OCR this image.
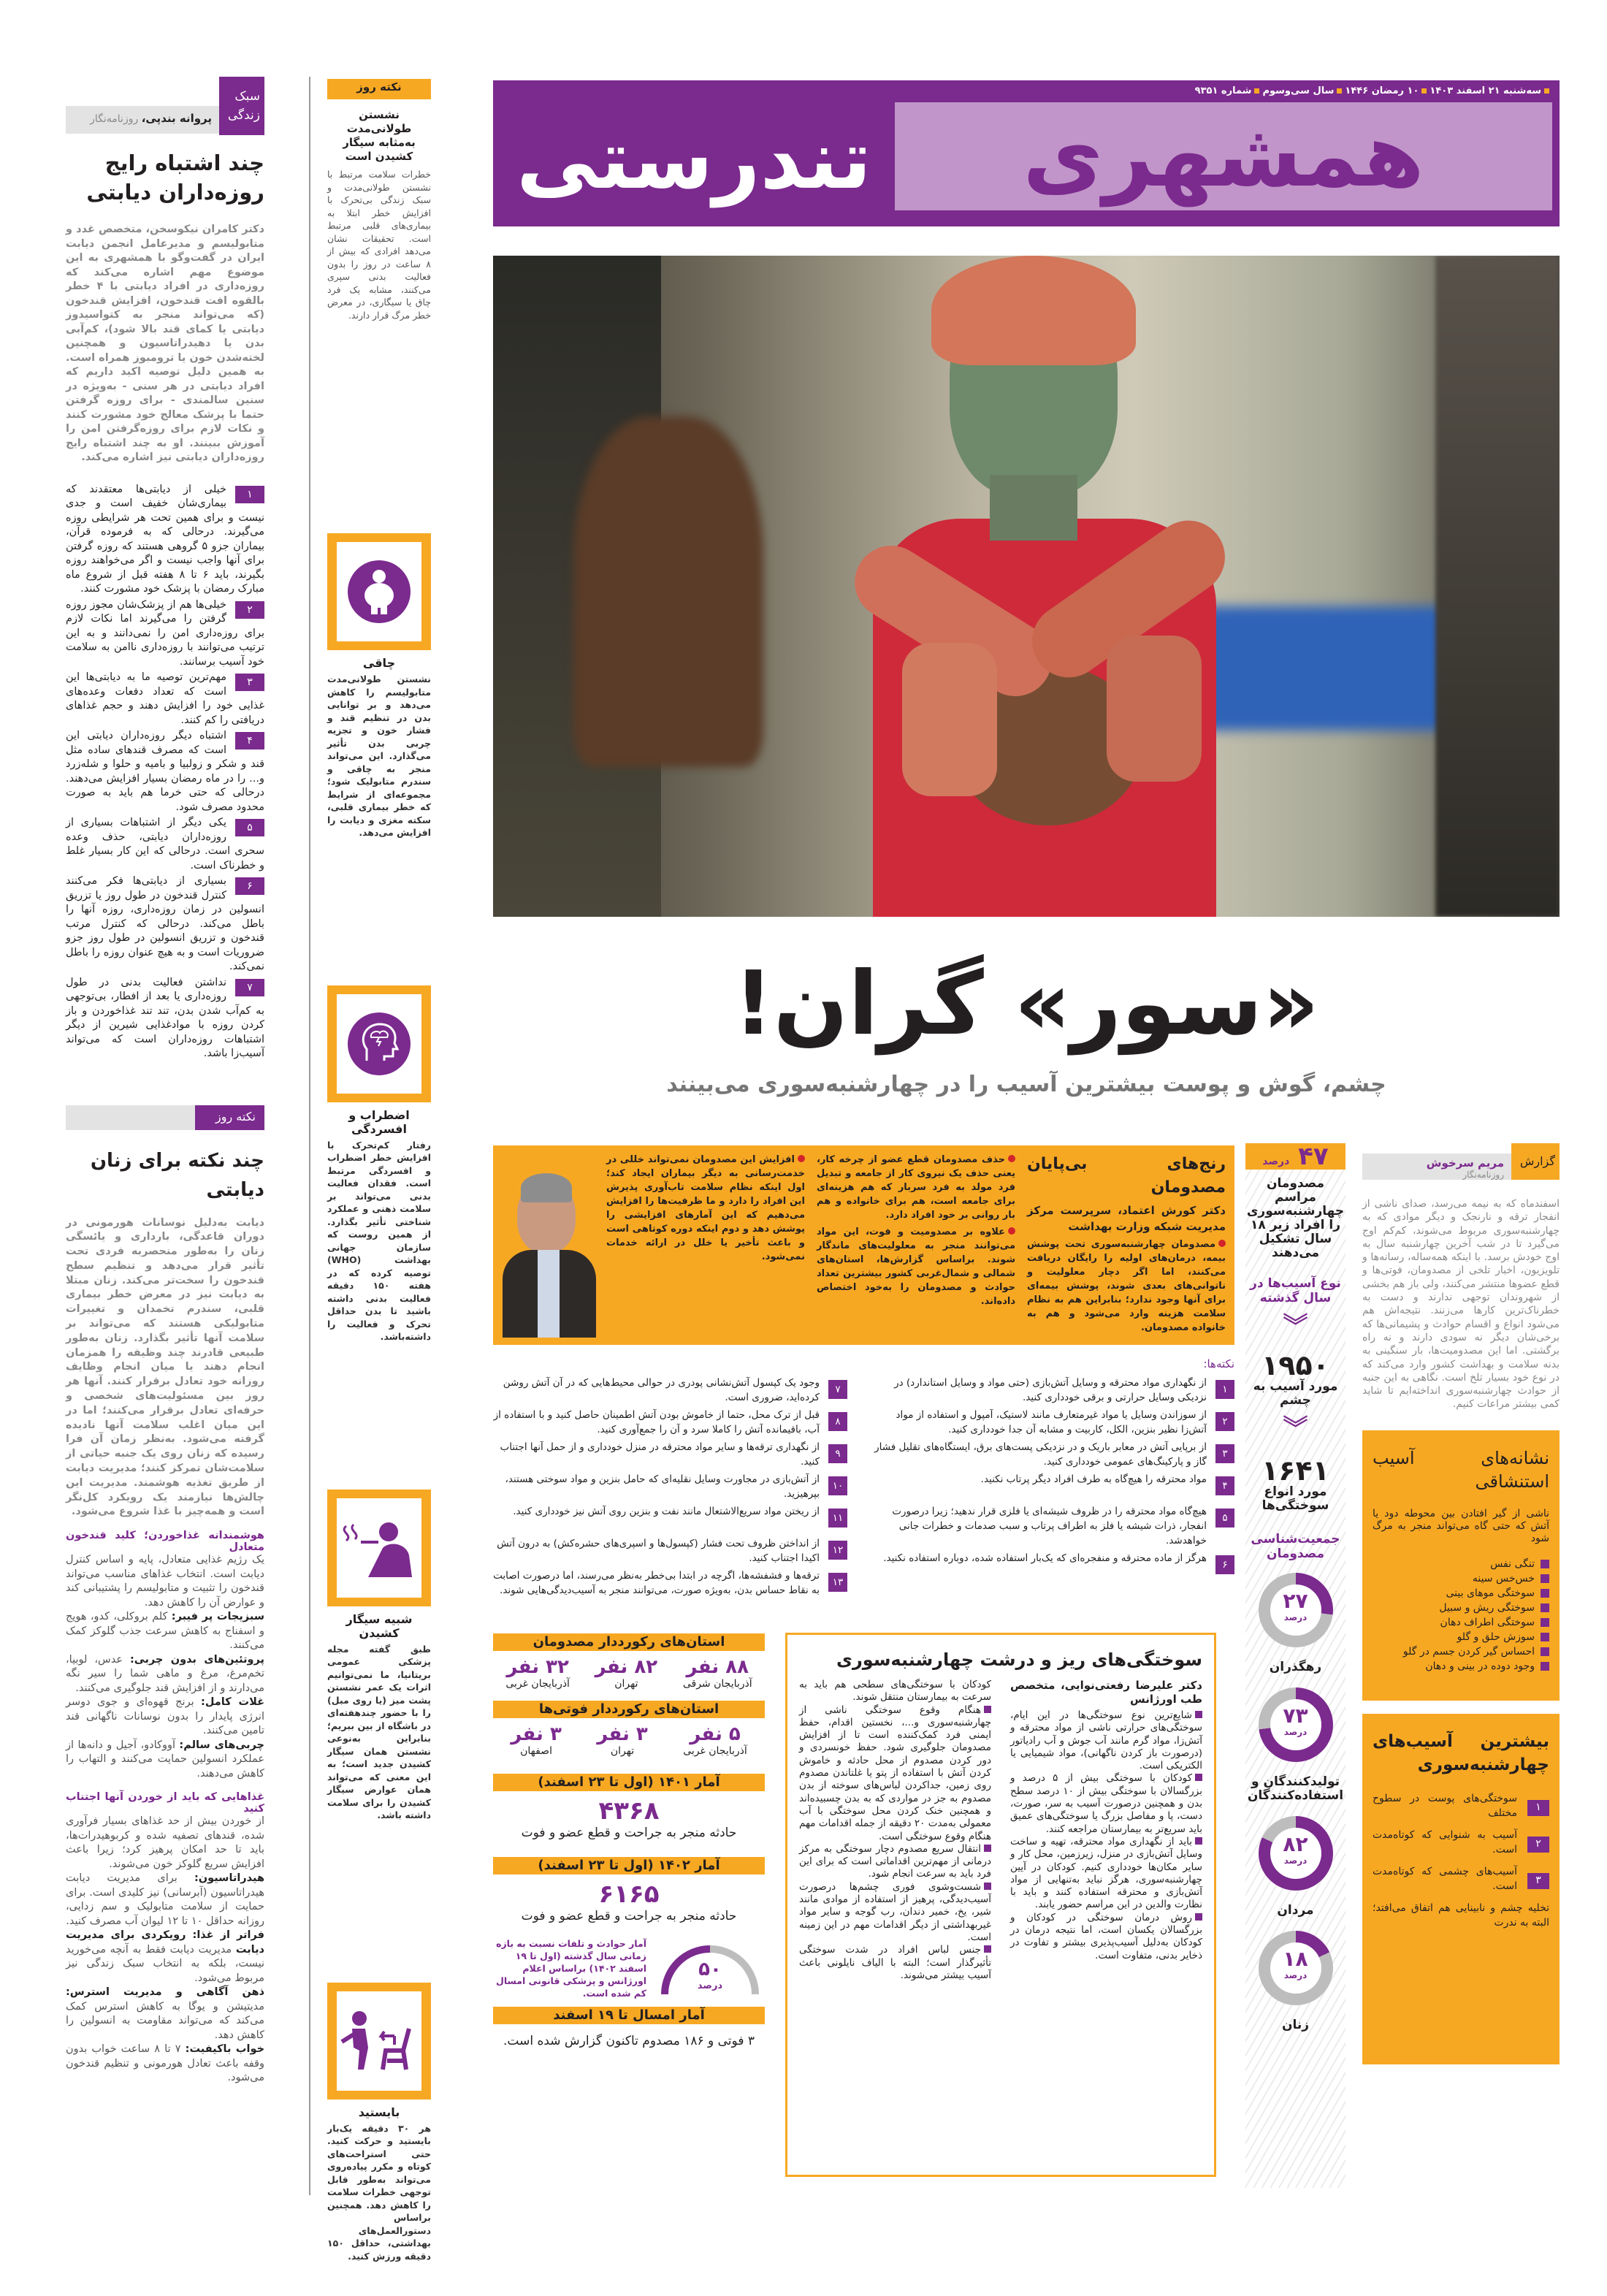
سبک زندگی
پروانه بندپی، روزنامه‌نگار
چند اشتباه رایج روزه‌داران دیابتی

دکتر کامران نیکوسخن، متخصص غدد و متابولیسم و مدیرعامل انجمن دیابت ایران در گفت‌وگو با همشهری به این موضوع مهم اشاره می‌کند که روزه‌داری در افراد دیابتی با ۴ خطر بالقوه افت قندخون، افزایش قندخون (که می‌تواند منجر به کتواسیدوز دیابتی یا کمای قند بالا شود)، کم‌آبی بدن یا دهیدراتاسیون و همچنین لخته‌شدن خون یا ترومبوز همراه است. به همین دلیل توصیه اکید داریم که افراد دیابتی در هر سنی - به‌ویژه در سنین سالمندی - برای روزه گرفتن حتما با پزشک معالج خود مشورت کنند و نکات لازم برای روزه‌گرفتن امن را آموزش ببینند. او به چند اشتباه رایج روزه‌داران دیابتی نیز اشاره می‌کند.

۱
خیلی از دیابتی‌ها معتقدند که بیماری‌شان خفیف است و جدی نیست و برای همین تحت هر شرایطی روزه می‌گیرند. درحالی که به فرموده قرآن، بیماران جزو ۵ گروهی هستند که روزه گرفتن برای آنها واجب نیست و اگر می‌خواهند روزه بگیرند، باید ۶ تا ۸ هفته قبل از شروع ماه مبارک رمضان با پزشک خود مشورت کنند.
۲
خیلی‌ها هم از پزشک‌شان مجوز روزه گرفتن را می‌گیرند اما نکات لازم برای روزه‌داری امن را نمی‌دانند و به این ترتیب می‌توانند با روزه‌داری ناامن به سلامت خود آسیب برسانند.
۳
مهم‌ترین توصیه ما به دیابتی‌ها این است که تعداد دفعات وعده‌های غذایی خود را افزایش دهند و حجم غذاهای دریافتی را کم کنند.
۴
اشتباه دیگر روزه‌داران دیابتی این است که مصرف قندهای ساده مثل قند و شکر و زولبیا و بامیه و حلوا و شله‌زرد و... را در ماه رمضان بسیار افزایش می‌دهند. درحالی که حتی خرما هم باید به صورت محدود مصرف شود.
۵
یکی دیگر از اشتباهات بسیاری از روزه‌داران دیابتی، حذف وعده سحری است. درحالی که این کار بسیار غلط و خطرناک است.
۶
بسیاری از دیابتی‌ها فکر می‌کنند کنترل قندخون در طول روز یا تزریق انسولین در زمان روزه‌داری، روزه آنها را باطل می‌کند. درحالی که کنترل مرتب قندخون و تزریق انسولین در طول روز جزو ضروریات است و به هیچ عنوان روزه را باطل نمی‌کند.
۷
نداشتن فعالیت بدنی در طول روزه‌داری یا بعد از افطار، بی‌توجهی به کم‌آب شدن بدن، تند تند غذاخوردن و باز کردن روزه با موادغذایی شیرین از دیگر اشتباهات روزه‌داران است که می‌تواند آسیب‌زا باشد.
نکته روز
چند نکته برای زنان دیابتی

دیابت به‌دلیل نوسانات هورمونی در دوران قاعدگی، بارداری و یائسگی زنان را به‌طور منحصربه فردی تحت تأثیر قرار می‌دهد و تنظیم سطح قندخون را سخت‌تر می‌کند. زنان مبتلا به دیابت نیز در معرض خطر بیماری قلبی، سندرم تخمدان و تغییرات متابولیکی هستند که می‌تواند بر سلامت آنها تأثیر بگذارد. زنان به‌طور طبیعی قادرند چند وظیفه را همزمان انجام دهند یا میان انجام وظایف روزانه خود تعادل برقرار کنند. آنها هر روز بین مسئولیت‌های شخصی و حرفه‌ای تعادل برقرار می‌کنند؛ اما در این میان اغلب سلامت آنها نادیده گرفته می‌شود. به‌نظر زمان آن فرا رسیده که زنان روی یک جنبه حیاتی از سلامت‌شان تمرکز کنند؛ مدیریت دیابت از طریق تغذیه هوشمند. مدیریت این چالش‌ها نیازمند یک رویکرد کل‌نگر است و همه‌چیز با غذا شروع می‌شود.

هوشمندانه غذاخوردن؛ کلید قندخون متعادل

یک رژیم غذایی متعادل، پایه و اساس کنترل دیابت است. انتخاب غذاهای مناسب می‌تواند قندخون را تثبیت و متابولیسم را پشتیبانی کند و عوارض آن را کاهش دهد.

سبزیجات پر فیبر: کلم بروکلی، کدو، هویج و اسفناج به کاهش سرعت جذب گلوکز کمک می‌کنند.

پروتئین‌های بدون چربی: عدس، لوبیا، تخم‌مرغ، مرغ و ماهی شما را سیر نگه می‌دارند و از افزایش قند جلوگیری می‌کنند.

غلات کامل: برنج قهوه‌ای و جوی دوسر انرژی پایدار را بدون نوسانات ناگهانی قند تامین می‌کنند.

چربی‌های سالم: آووکادو، آجیل و دانه‌ها از عملکرد انسولین حمایت می‌کنند و التهاب را کاهش می‌دهند.

غذاهایی که باید از خوردن آنها اجتناب کنید

از خوردن بیش از حد غذاهای بسیار فرآوری شده، قندهای تصفیه شده و کربوهیدرات‌ها، باید تا حد امکان پرهیز کرد؛ زیرا باعث افزایش سریع گلوکز خون می‌شوند.

هیدراتاسیون: برای مدیریت دیابت هیدراتاسیون (آبرسانی) نیز کلیدی است. برای حمایت از سلامت متابولیک و سم زدایی، روزانه حداقل ۱۰ تا ۱۲ لیوان آب مصرف کنید.

فراتر از غذا: رویکردی برای مدیریت دیابت مدیریت دیابت فقط به آنچه می‌خورید نیست، بلکه به انتخاب سبک زندگی نیز مربوط می‌شود.

ذهن آگاهی و مدیریت استرس: مدیتیشن و یوگا به کاهش استرس کمک می‌کند که می‌تواند مقاومت به انسولین را کاهش دهد.

خواب باکیفیت: ۷ تا ۸ ساعت خواب بدون وقفه باعث تعادل هورمونی و تنظیم قندخون می‌شود.

نکته روز
نشستن طولانی‌مدت به‌مثابه سیگار کشیدن است

خطرات سلامت مرتبط با نشستن طولانی‌مدت و سبک زندگی بی‌تحرک با افزایش خطر ابتلا به بیماری‌های قلبی مرتبط است. تحقیقات نشان می‌دهد افرادی که بیش از ۸ ساعت در روز را بدون فعالیت بدنی سپری می‌کنند، مشابه یک فرد چاق یا سیگاری، در معرض خطر مرگ قرار دارند.

چاقی

نشستن طولانی‌مدت متابولیسم را کاهش می‌دهد و بر توانایی بدن در تنظیم قند و فشار خون و تجزیه چربی بدن تأثیر می‌گذارد. این می‌تواند منجر به چاقی و سندرم متابولیک شود؛ مجموعه‌ای از شرایط که خطر بیماری قلبی، سکته مغزی و دیابت را افزایش می‌دهد.

اضطراب و افسردگی

رفتار کم‌تحرک با افزایش خطر اضطراب و افسردگی مرتبط است. فقدان فعالیت بدنی می‌تواند بر سلامت ذهنی و عملکرد شناختی تأثیر بگذارد. از همین روست که سازمان جهانی بهداشت (WHO) توصیه کرده که در هفته ۱۵۰ دقیقه فعالیت بدنی داشته باشید تا بدن حداقل تحرک و فعالیت را داشته‌باشد.

شبیه سیگار کشیدن

طبق گفته مجله پزشکی عمومی بریتانیا، ما نمی‌توانیم اثرات یک عمر نشستن پشت میز (یا روی مبل) را با حضور چندهفته‌ای در باشگاه از بین ببریم؛ بنابراین به‌نوعی نشستن همان سیگار کشیدن جدید است؛ به این معنی که می‌تواند همان عوارض سیگار کشیدن را برای سلامت داشته باشد.

بایستید

هر ۳۰ دقیقه یک‌بار بایستید و حرکت کنید. حتی استراحت‌های کوتاه و مکرر پیاده‌روی می‌تواند به‌طور قابل توجهی خطرات سلامت را کاهش دهد. همچنین براساس دستورالعمل‌های بهداشتی، حداقل ۱۵۰ دقیقه ورزش کنید.

سه‌شنبه ۲۱ اسفند ۱۴۰۳۱۰ رمضان ۱۴۴۶سال سی‌وسومشماره ۹۳۵۱
همشهری
تندرستی
«سور» گران!
چشم، گوش و پوست بیشترین آسیب را در چهارشنبه‌سوری می‌بینند
گزارش
مریم سرخوش
روزنامه‌نگار

اسفندماه که به نیمه می‌رسد، صدای ناشی از انفجار ترقه و نارنجک و دیگر موادی که به چهارشنبه‌سوری مربوط می‌شوند، کم‌کم اوج می‌گیرد تا در شب آخرین چهارشنبه سال به اوج خودش برسد. با اینکه همه‌ساله، رسانه‌ها و تلویزیون، اخبار تلخی از مصدومان، فوتی‌ها و قطع عضوها منتشر می‌کنند، ولی باز هم بخشی از شهروندان توجهی ندارند و دست به خطرناک‌ترین کارها می‌زنند. نتیجه‌اش هم می‌شود انواع و اقسام حوادث و پشیمانی‌ها که برخی‌شان دیگر نه سودی دارند و نه راه برگشتی. اما این مصدومیت‌ها، بار سنگینی به بدنه سلامت و بهداشت کشور وارد می‌کند که در نوع خود بسیار تلخ است. نگاهی به این جنبه از حوادث چهارشنبه‌سوری انداخته‌ایم تا شاید کمی بیشتر مراعات کنیم.

نشانه‌های آسیب استنشاقی

ناشی از گیر افتادن بین محوطه دود یا آتش که حتی گاه می‌تواند منجر به مرگ شود

تنگی نفس
خس‌خس سینه
سوختگی موهای بینی
سوختگی ریش و سبیل
سوختگی اطراف دهان
سوزش حلق و گلو
احساس گیر کردن جسم در گلو
وجود دوده در بینی و دهان
بیشترین آسیب‌های چهارشنبه‌سوری
۱
سوختگی‌های پوست در سطوح مختلف
۲
آسیب به شنوایی که کوتاه‌مدت است.
۳
آسیب‌های چشمی که کوتاه‌مدت است.

تخلیه چشم و نابینایی هم اتفاق می‌افتد؛ البته به ندرت

۴۷ درصد
مصدومان مراسم چهارشنبه‌سوری را افراد زیر ۱۸ سال تشکیل می‌دهند
نوع آسیب‌ها در سال گذشته
︾
۱۹۵۰
مورد آسیب به چشم
︾
۱۶۴۱
مورد انواع سوختگی‌ها
جمعیت‌شناسی مصدومان
۲۷
درصد
رهگذران
۷۳
درصد
تولیدکنندگان و استفاده‌کنندگان
۸۲
درصد
مردان
۱۸
درصد
زنان
رنج‌های بی‌پایان مصدومان
دکتر کورش اعتماد، سرپرست مرکز مدیریت شبکه وزارت بهداشت

مصدومان چهارشنبه‌سوری تحت پوشش بیمه، درمان‌های اولیه را رایگان دریافت می‌کنند، اما اگر دچار معلولیت و ناتوانی‌های بعدی شوند، پوشش بیمه‌ای برای آنها وجود ندارد؛ بنابراین هم به نظام سلامت هزینه وارد می‌شود و هم به خانواده مصدومان.

حذف مصدومان قطع عضو از چرخه کار، یعنی حذف یک نیروی کار از جامعه و تبدیل فرد مولد به فرد سربار که هم هزینه‌ای برای جامعه است، هم برای خانواده و هم بار روانی بر خود افراد دارد.

علاوه بر مصدومیت و فوت، این مواد می‌توانند منجر به معلولیت‌های ماندگار شوند. براساس گزارش‌ها، استان‌های شمالی و شمال‌غربی کشور بیشترین تعداد حوادث و مصدومان را به‌خود اختصاص داده‌اند.

افزایش این مصدومان نمی‌تواند خللی در خدمت‌رسانی به دیگر بیماران ایجاد کند؛ اول اینکه نظام سلامت تاب‌آوری پذیرش این افراد را دارد و ما ظرفیت‌ها را افزایش می‌دهیم که این آمارهای افزایشی را پوشش دهد و دوم اینکه دوره کوتاهی است و باعث تأخیر یا خلل در ارائه خدمات نمی‌شود.

نکته‌ها:
۱
از نگهداری مواد محترقه و وسایل آتش‌بازی (حتی مواد و وسایل استاندارد) در نزدیکی وسایل حرارتی و برقی خودداری کنید.
۲
از سوزاندن وسایل یا مواد غیرمتعارف مانند لاستیک، آمپول و استفاده از مواد آتش‌زا نظیر بنزین، الکل، کاربیت و مشابه آن جدا خودداری کنید.
۳
از برپایی آتش در معابر باریک و در نزدیکی پست‌های برق، ایستگاه‌های تقلیل فشار گاز و پارکینگ‌های عمومی خودداری کنید.
۴
مواد محترقه را هیچ‌گاه به طرف افراد دیگر پرتاب نکنید.
۵
هیچ‌گاه مواد محترقه را در ظروف شیشه‌ای یا فلزی قرار ندهید؛ زیرا درصورت انفجار، ذرات شیشه یا فلز به اطراف پرتاب و سبب صدمات و خطرات جانی خواهدشد.
۶
هرگز از ماده محترقه و منفجره‌ای که یک‌بار استفاده شده، دوباره استفاده نکنید.
۷
وجود یک کپسول آتش‌نشانی پودری در حوالی محیط‌هایی که در آن آتش روشن کرده‌اید، ضروری است.
۸
قبل از ترک محل، حتما از خاموش بودن آتش اطمینان حاصل کنید و با استفاده از آب، باقیمانده آتش را کاملا سرد و آن را جمع‌آوری کنید.
۹
از نگهداری ترقه‌ها و سایر مواد محترقه در منزل خودداری و از حمل آنها اجتناب کنید.
۱۰
از آتش‌بازی در مجاورت وسایل نقلیه‌ای که حامل بنزین و مواد سوختی هستند، بپرهیزید.
۱۱
از ریختن مواد سریع‌الاشتعال مانند نفت و بنزین روی آتش نیز خودداری کنید.
۱۲
از انداختن ظروف تحت فشار (کپسول‌ها و اسپری‌های حشره‌کش) به درون آتش اکیدا اجتناب کنید.
۱۳
ترقه‌ها و فشفشه‌ها، اگرچه در ابتدا بی‌خطر به‌نظر می‌رسند، اما درصورت اصابت به نقاط حساس بدن، به‌ویژه صورت، می‌توانند منجر به آسیب‌دیدگی‌هایی شوند.
استان‌های رکورددار مصدومان
۸۸ نفر
آذربایجان شرقی
۸۲ نفر
تهران
۳۲ نفر
آذربایجان غربی
استان‌های رکورددار فوتی‌ها
۵ نفر
آذربایجان غربی
۳ نفر
تهران
۳ نفر
اصفهان
آمار ۱۴۰۱ (اول تا ۲۳ اسفند)
۴۳۶۸
حادثه منجر به جراحت و قطع عضو و فوت
آمار ۱۴۰۲ (اول تا ۲۳ اسفند)
۶۱۶۵
حادثه منجر به جراحت و قطع عضو و فوت
۵۰
درصد
آمار حوادث و تلفات نسبت به بازه زمانی سال گذشته (اول تا ۱۹ اسفند ۱۴۰۲) براساس اعلام اورژانس و پزشکی قانونی امسال کم شده است.
آمار امسال تا ۱۹ اسفند
۳ فوتی و ۱۸۶ مصدوم تاکنون گزارش شده است.
سوختگی‌های ریز و درشت چهارشنبه‌سوری
دکتر علیرضا رفعتی‌نوایی، متخصص طب اورژانس

شایع‌ترین نوع سوختگی‌ها در این ایام، سوختگی‌های حرارتی ناشی از مواد محترقه و آتش‌زا، مواد گرم مانند آب جوش و آب رادیاتور (درصورت باز کردن ناگهانی)، مواد شیمیایی یا الکتریکی است.

کودکان با سوختگی بیش از ۵ درصد و بزرگسالان با سوختگی بیش از ۱۰ درصد سطح بدن و همچنین درصورت آسیب به سر، صورت، دست، پا و مفاصل بزرگ یا سوختگی‌های عمیق باید سریع‌تر به بیمارستان مراجعه کنند.

باید از نگهداری مواد محترقه، تهیه و ساخت وسایل آتش‌بازی در منزل، زیرزمین، محل کار و سایر مکان‌ها خودداری کنیم. کودکان در آیین چهارشنبه‌سوری، هرگز نباید به‌تنهایی از مواد آتش‌بازی و محترقه استفاده کنند و باید با نظارت والدین در این مراسم حضور یابند.

روش درمان سوختگی در کودکان و بزرگسالان یکسان است، اما نتیجه درمان در کودکان به‌دلیل آسیب‌پذیری بیشتر و تفاوت در ذخایر بدنی، متفاوت است.

کودکان با سوختگی‌های سطحی هم باید به سرعت به بیمارستان منتقل شوند.

هنگام وقوع سوختگی ناشی از چهارشنبه‌سوری و...، نخستین اقدام، حفظ ایمنی فرد کمک‌کننده است تا از افزایش مصدومان جلوگیری شود. حفظ خونسردی و دور کردن مصدوم از محل حادثه و خاموش کردن آتش با استفاده از پتو یا غلتاندن مصدوم روی زمین، جداکردن لباس‌های سوخته از بدن مصدوم به جز در مواردی که به بدن چسبیده‌اند و همچنین خنک کردن محل سوختگی با آب معمولی به‌مدت ۲۰ دقیقه از جمله اقدامات مهم هنگام وقوع سوختگی است.

انتقال سریع مصدوم دچار سوختگی به مرکز درمانی از مهم‌ترین اقداماتی است که برای این فرد باید به سرعت انجام شود.

شست‌وشوی فوری چشم‌ها درصورت آسیب‌دیدگی، پرهیز از استفاده از موادی مانند شیر، یخ، خمیر دندان، رب گوجه و سایر مواد غیربهداشتی از دیگر اقدامات مهم در این زمینه است.

جنس لباس افراد در شدت سوختگی تأثیرگذار است؛ البته با الیاف نایلونی باعث آسیب بیشتر می‌شوند.
